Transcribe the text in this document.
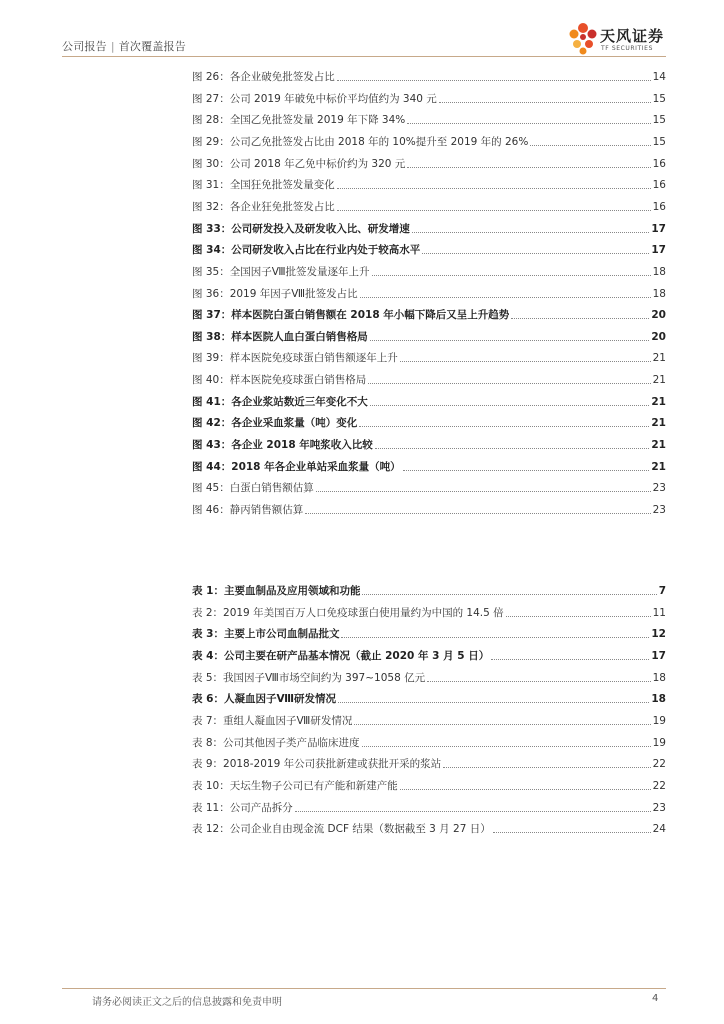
公司报告 | 首次覆盖报告
天风证券
TF SECURITIES
图 26：各企业破免批签发占比	14
图 27：公司 2019 年破免中标价平均值约为 340 元	15
图 28：全国乙免批签发量 2019 年下降 34%	15
图 29：公司乙免批签发占比由 2018 年的 10%提升至 2019 年的 26%	15
图 30：公司 2018 年乙免中标价约为 320 元	16
图 31：全国狂免批签发量变化	16
图 32：各企业狂免批签发占比	16
图 33：公司研发投入及研发收入比、研发增速	17
图 34：公司研发收入占比在行业内处于较高水平	17
图 35：全国因子Ⅷ批签发量逐年上升	18
图 36：2019 年因子Ⅷ批签发占比	18
图 37：样本医院白蛋白销售额在 2018 年小幅下降后又呈上升趋势	20
图 38：样本医院人血白蛋白销售格局	20
图 39：样本医院免疫球蛋白销售额逐年上升	21
图 40：样本医院免疫球蛋白销售格局	21
图 41：各企业浆站数近三年变化不大	21
图 42：各企业采血浆量（吨）变化	21
图 43：各企业 2018 年吨浆收入比较	21
图 44：2018 年各企业单站采血浆量（吨）	21
图 45：白蛋白销售额估算	23
图 46：静丙销售额估算	23
表 1：主要血制品及应用领域和功能	7
表 2：2019 年美国百万人口免疫球蛋白使用量约为中国的 14.5 倍	11
表 3：主要上市公司血制品批文	12
表 4：公司主要在研产品基本情况（截止 2020 年 3 月 5 日）	17
表 5：我国因子Ⅷ市场空间约为 397~1058 亿元	18
表 6：人凝血因子Ⅷ研发情况	18
表 7：重组人凝血因子Ⅷ研发情况	19
表 8：公司其他因子类产品临床进度	19
表 9：2018-2019 年公司获批新建或获批开采的浆站	22
表 10：天坛生物子公司已有产能和新建产能	22
表 11：公司产品拆分	23
表 12：公司企业自由现金流 DCF 结果（数据截至 3 月 27 日）	24
请务必阅读正文之后的信息披露和免责申明	4
